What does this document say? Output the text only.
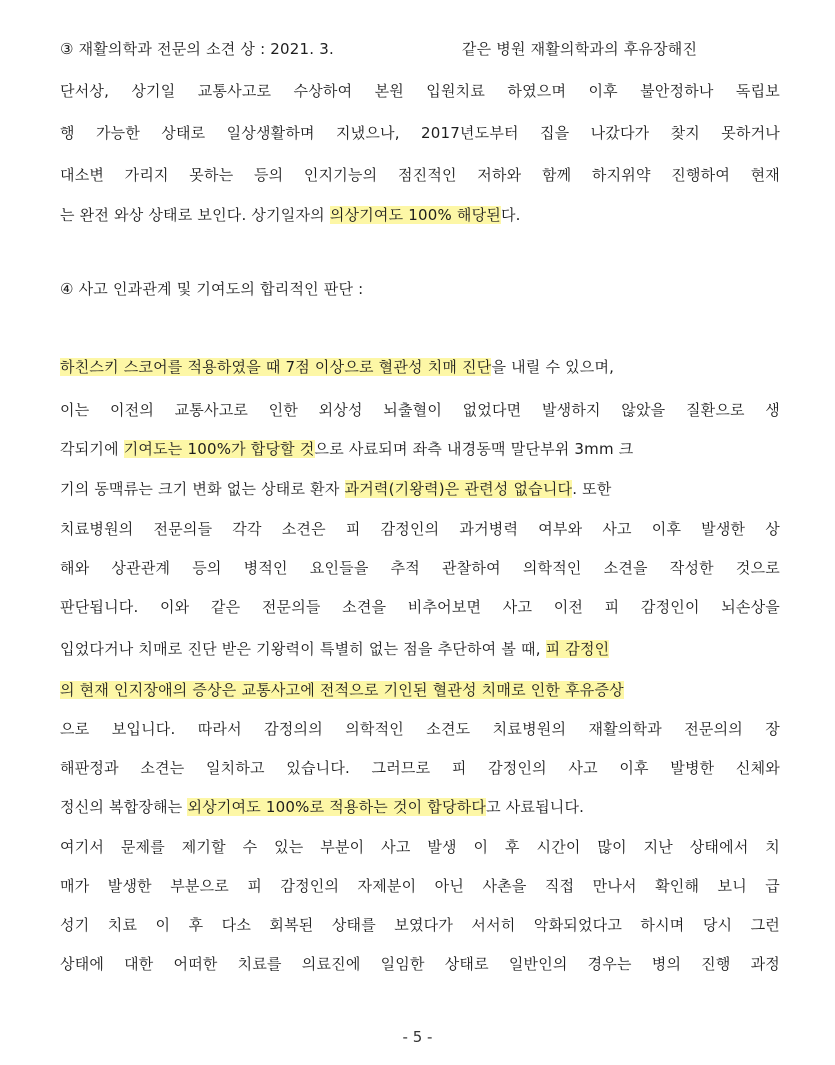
③ 재활의학과 전문의 소견 상 : 2021. 3.	같은 병원 재활의학과의 후유장해진
단서상, 상기일 교통사고로 수상하여 본원 입원치료 하였으며 이후 불안정하나 독립보
행 가능한 상태로 일상생활하며 지냈으나, 2017년도부터 집을 나갔다가 찾지 못하거나
대소변 가리지 못하는 등의 인지기능의 점진적인 저하와 함께 하지위약 진행하여 현재
는 완전 와상 상태로 보인다. 상기일자의 의상기여도 100% 해당된다.
④ 사고 인과관계 및 기여도의 합리적인 판단 :
하친스키 스코어를 적용하였을 때 7점 이상으로 혈관성 치매 진단을 내릴 수 있으며,
이는 이전의 교통사고로 인한 외상성 뇌출혈이 없었다면 발생하지 않았을 질환으로 생
각되기에 기여도는 100%가 합당할 것으로 사료되며 좌측 내경동맥 말단부위 3mm 크
기의 동맥류는 크기 변화 없는 상태로 환자 과거력(기왕력)은 관련성 없습니다. 또한
치료병원의 전문의들 각각 소견은 피 감정인의 과거병력 여부와 사고 이후 발생한 상
해와 상관관계 등의 병적인 요인들을 추적 관찰하여 의학적인 소견을 작성한 것으로
판단됩니다. 이와 같은 전문의들 소견을 비추어보면 사고 이전 피 감정인이 뇌손상을
입었다거나 치매로 진단 받은 기왕력이 특별히 없는 점을 추단하여 볼 때, 피 감정인
의 현재 인지장애의 증상은 교통사고에 전적으로 기인된 혈관성 치매로 인한 후유증상
으로 보입니다. 따라서 감정의의 의학적인 소견도 치료병원의 재활의학과 전문의의 장
해판정과 소견는 일치하고 있습니다. 그러므로 피 감정인의 사고 이후 발병한 신체와
정신의 복합장해는 외상기여도 100%로 적용하는 것이 합당하다고 사료됩니다.
여기서 문제를 제기할 수 있는 부분이 사고 발생 이 후 시간이 많이 지난 상태에서 치
매가 발생한 부분으로 피 감정인의 자제분이 아닌 사촌을 직접 만나서 확인해 보니 급
성기 치료 이 후 다소 회복된 상태를 보였다가 서서히 악화되었다고 하시며 당시 그런
상태에 대한 어떠한 치료를 의료진에 일임한 상태로 일반인의 경우는 병의 진행 과정
- 5 -
